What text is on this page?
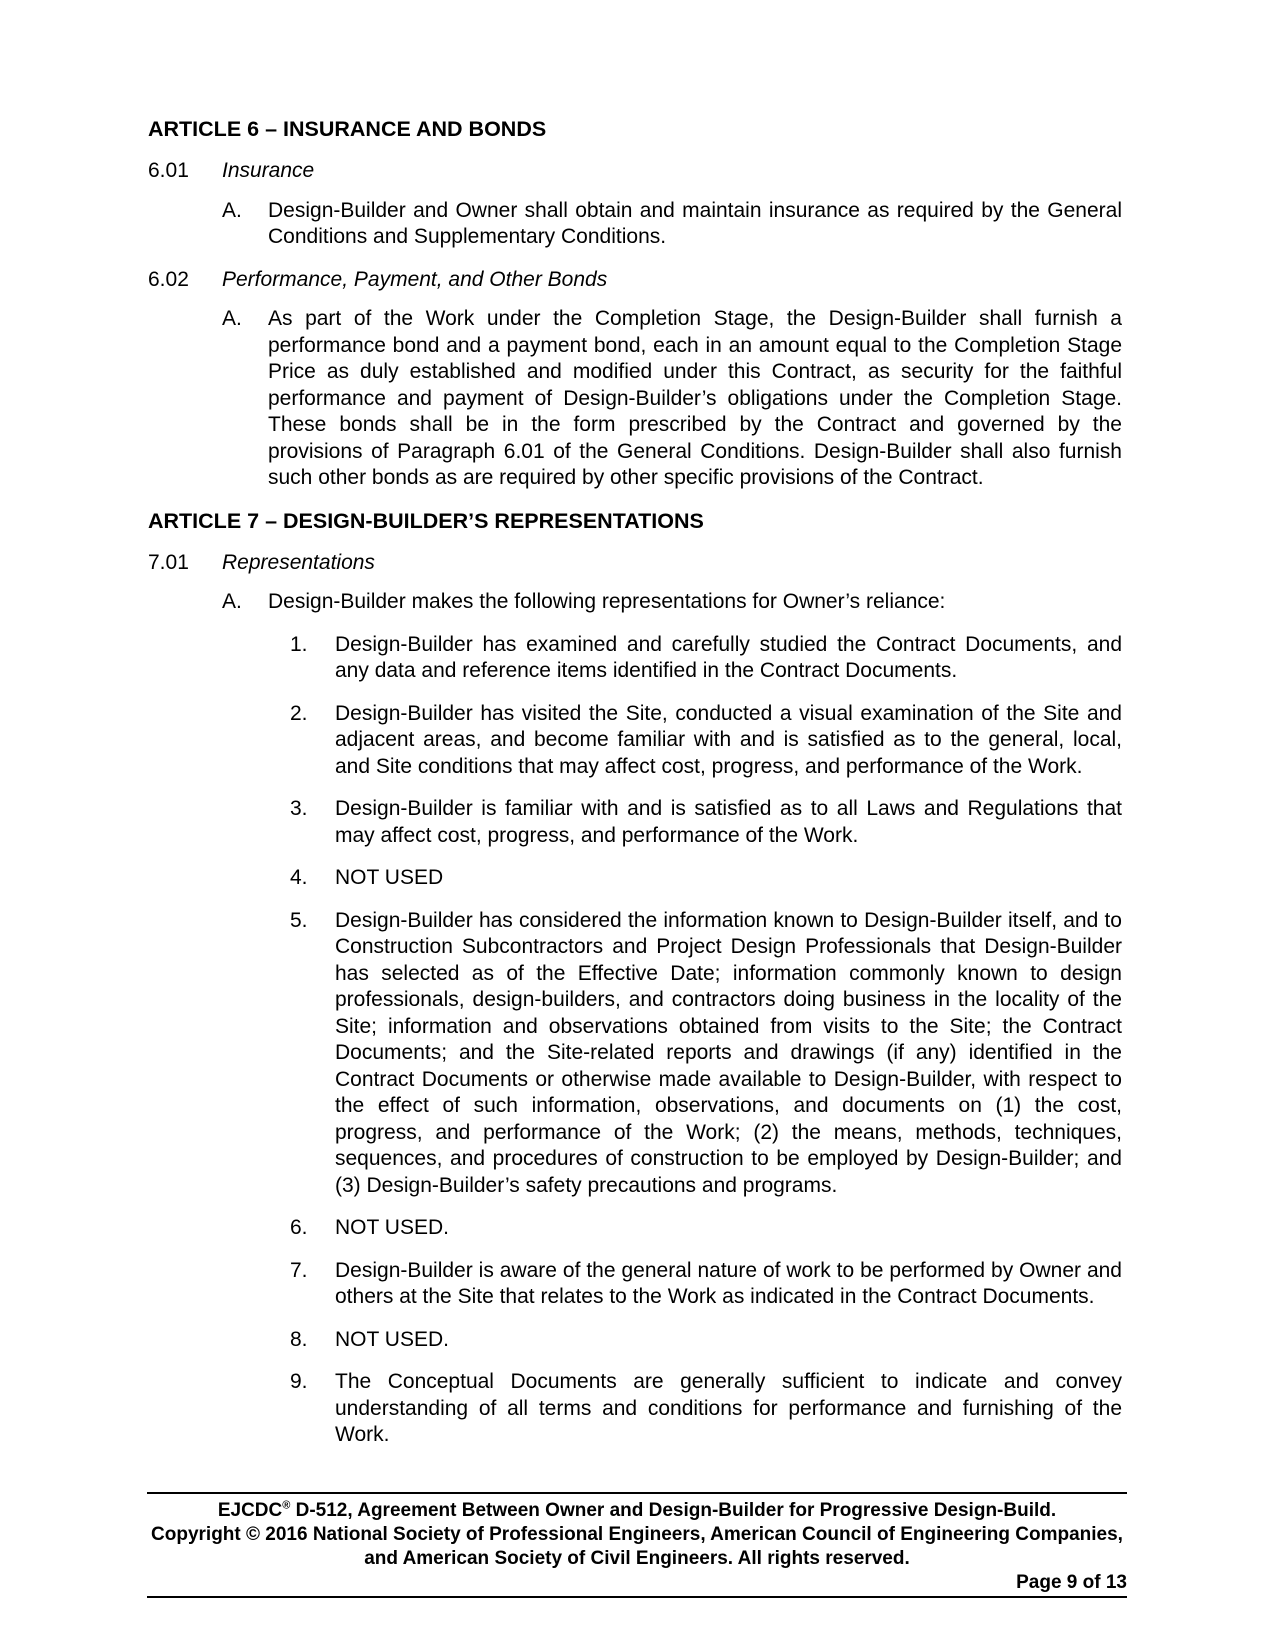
ARTICLE 6 – INSURANCE AND BONDS
6.01	Insurance
A.	Design-Builder and Owner shall obtain and maintain insurance as required by the General Conditions and Supplementary Conditions.
6.02	Performance, Payment, and Other Bonds
A.	As part of the Work under the Completion Stage, the Design-Builder shall furnish a performance bond and a payment bond, each in an amount equal to the Completion Stage Price as duly established and modified under this Contract, as security for the faithful performance and payment of Design-Builder’s obligations under the Completion Stage. These bonds shall be in the form prescribed by the Contract and governed by the provisions of Paragraph 6.01 of the General Conditions. Design-Builder shall also furnish such other bonds as are required by other specific provisions of the Contract.
ARTICLE 7 – DESIGN-BUILDER’S REPRESENTATIONS
7.01	Representations
A.	Design-Builder makes the following representations for Owner’s reliance:
1.	Design-Builder has examined and carefully studied the Contract Documents, and any data and reference items identified in the Contract Documents.
2.	Design-Builder has visited the Site, conducted a visual examination of the Site and adjacent areas, and become familiar with and is satisfied as to the general, local, and Site conditions that may affect cost, progress, and performance of the Work.
3.	Design-Builder is familiar with and is satisfied as to all Laws and Regulations that may affect cost, progress, and performance of the Work.
4.	NOT USED
5.	Design-Builder has considered the information known to Design-Builder itself, and to Construction Subcontractors and Project Design Professionals that Design-Builder has selected as of the Effective Date; information commonly known to design professionals, design-builders, and contractors doing business in the locality of the Site; information and observations obtained from visits to the Site; the Contract Documents; and the Site-related reports and drawings (if any) identified in the Contract Documents or otherwise made available to Design-Builder, with respect to the effect of such information, observations, and documents on (1) the cost, progress, and performance of the Work; (2) the means, methods, techniques, sequences, and procedures of construction to be employed by Design-Builder; and (3) Design-Builder’s safety precautions and programs.
6.	NOT USED.
7.	Design-Builder is aware of the general nature of work to be performed by Owner and others at the Site that relates to the Work as indicated in the Contract Documents.
8.	NOT USED.
9.	The Conceptual Documents are generally sufficient to indicate and convey understanding of all terms and conditions for performance and furnishing of the Work.
EJCDC® D-512, Agreement Between Owner and Design-Builder for Progressive Design-Build.
Copyright © 2016 National Society of Professional Engineers, American Council of Engineering Companies,
and American Society of Civil Engineers. All rights reserved.
Page 9 of 13
